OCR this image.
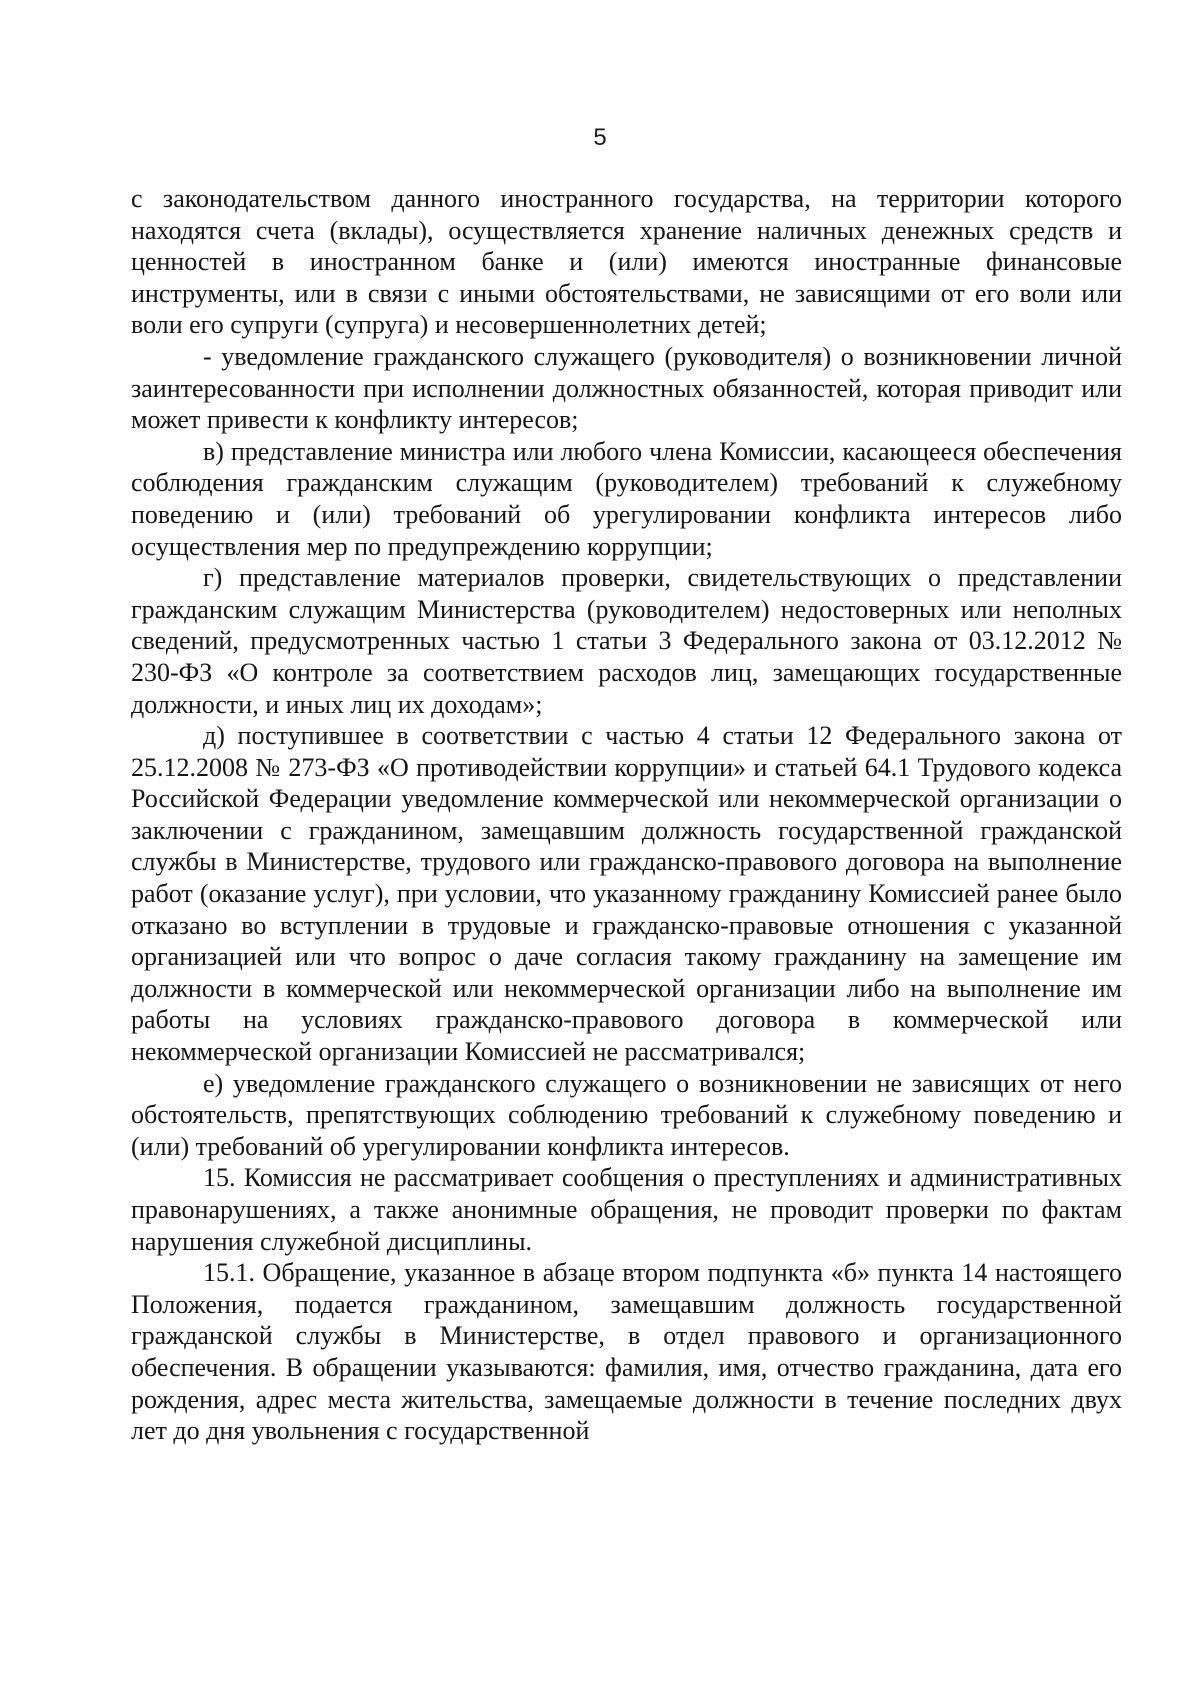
5

с законодательством данного иностранного государства, на территории которого находятся счета (вклады), осуществляется хранение наличных денежных средств и ценностей в иностранном банке и (или) имеются иностранные финансовые инструменты, или в связи с иными обстоятельствами, не зависящими от его воли или воли его супруги (супруга) и несовершеннолетних детей;

- уведомление гражданского служащего (руководителя) о возникновении личной заинтересованности при исполнении должностных обязанностей, которая приводит или может привести к конфликту интересов;

в) представление министра или любого члена Комиссии, касающееся обеспечения соблюдения гражданским служащим (руководителем) требований к служебному поведению и (или) требований об урегулировании конфликта интересов либо осуществления мер по предупреждению коррупции;

г) представление материалов проверки, свидетельствующих о представлении гражданским служащим Министерства (руководителем) недостоверных или неполных сведений, предусмотренных частью 1 статьи 3 Федерального закона от 03.12.2012 № 230-ФЗ «О контроле за соответствием расходов лиц, замещающих государственные должности, и иных лиц их доходам»;

д) поступившее в соответствии с частью 4 статьи 12 Федерального закона от 25.12.2008 № 273-ФЗ «О противодействии коррупции» и статьей 64.1 Трудового кодекса Российской Федерации уведомление коммерческой или некоммерческой организации о заключении с гражданином, замещавшим должность государственной гражданской службы в Министерстве, трудового или гражданско-правового договора на выполнение работ (оказание услуг), при условии, что указанному гражданину Комиссией ранее было отказано во вступлении в трудовые и гражданско-правовые отношения с указанной организацией или что вопрос о даче согласия такому гражданину на замещение им должности в коммерческой или некоммерческой организации либо на выполнение им работы на условиях гражданско-правового договора в коммерческой или некоммерческой организации Комиссией не рассматривался;

е) уведомление гражданского служащего о возникновении не зависящих от него обстоятельств, препятствующих соблюдению требований к служебному поведению и (или) требований об урегулировании конфликта интересов.

15. Комиссия не рассматривает сообщения о преступлениях и административных правонарушениях, а также анонимные обращения, не проводит проверки по фактам нарушения служебной дисциплины.

15.1. Обращение, указанное в абзаце втором подпункта «б» пункта 14 настоящего Положения, подается гражданином, замещавшим должность государственной гражданской службы в Министерстве, в отдел правового и организационного обеспечения. В обращении указываются: фамилия, имя, отчество гражданина, дата его рождения, адрес места жительства, замещаемые должности в течение последних двух лет до дня увольнения с государственной
